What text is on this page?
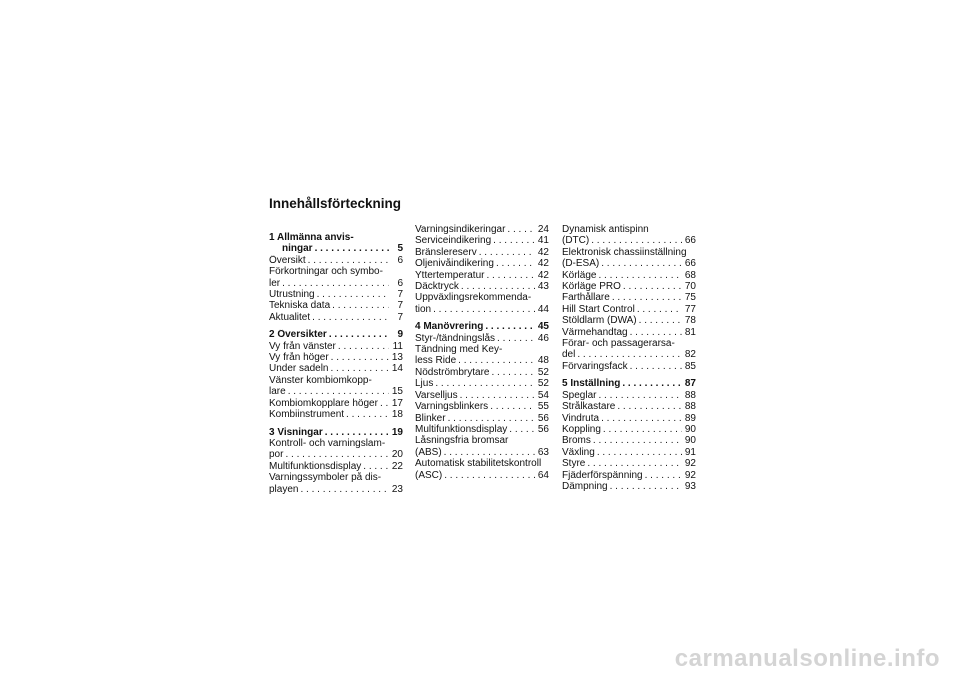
Innehållsförteckning
1 Allmänna anvis-
ningar . . .	5
Översikt . . .	6
Förkortningar och symbo-
ler . . .	6
Utrustning . . .	7
Tekniska data . . .	7
Aktualitet . . .	7
2 Översikter . . .	9
Vy från vänster . . .	11
Vy från höger . . .	13
Under sadeln . . .	14
Vänster kombiomkopp-
lare . . .	15
Kombiomkopplare höger . . . 17
Kombiinstrument . . .	18
3 Visningar . . .	19
Kontroll- och varningslam-
por . . .	20
Multifunktionsdisplay . . .	22
Varningssymboler på dis-
playen . . .	23
Varningsindikeringar . . .	24
Serviceindikering . . .	41
Bränslereserv . . .	42
Oljenivåindikering . . .	42
Yttertemperatur . . .	42
Däcktryck . . .	43
Uppväxlingsrekommenda-
tion . . .	44
4 Manövrering . . .	45
Styr-/tändningslås . . .	46
Tändning med Key-
less Ride . . .	48
Nödströmbrytare . . .	52
Ljus . . .	52
Varselljus . . .	54
Varningsblinkers . . .	55
Blinker . . .	56
Multifunktionsdisplay . . .	56
Låsningsfria bromsar
(ABS) . . .	63
Automatisk stabilitetskontroll
(ASC) . . .	64
Dynamisk antispinn
(DTC) . . .	66
Elektronisk chassiinställning
(D-ESA) . . .	66
Körläge . . .	68
Körläge PRO . . .	70
Farthållare . . .	75
Hill Start Control . . .	77
Stöldlarm (DWA) . . .	78
Värmehandtag . . .	81
Förar- och passagerarsa-
del . . .	82
Förvaringsfack . . .	85
5 Inställning . . .	87
Speglar . . .	88
Strålkastare . . .	88
Vindruta . . .	89
Koppling . . .	90
Broms . . .	90
Växling . . .	91
Styre . . .	92
Fjäderförspänning . . .	92
Dämpning . . .	93
carmanualsonline.info
